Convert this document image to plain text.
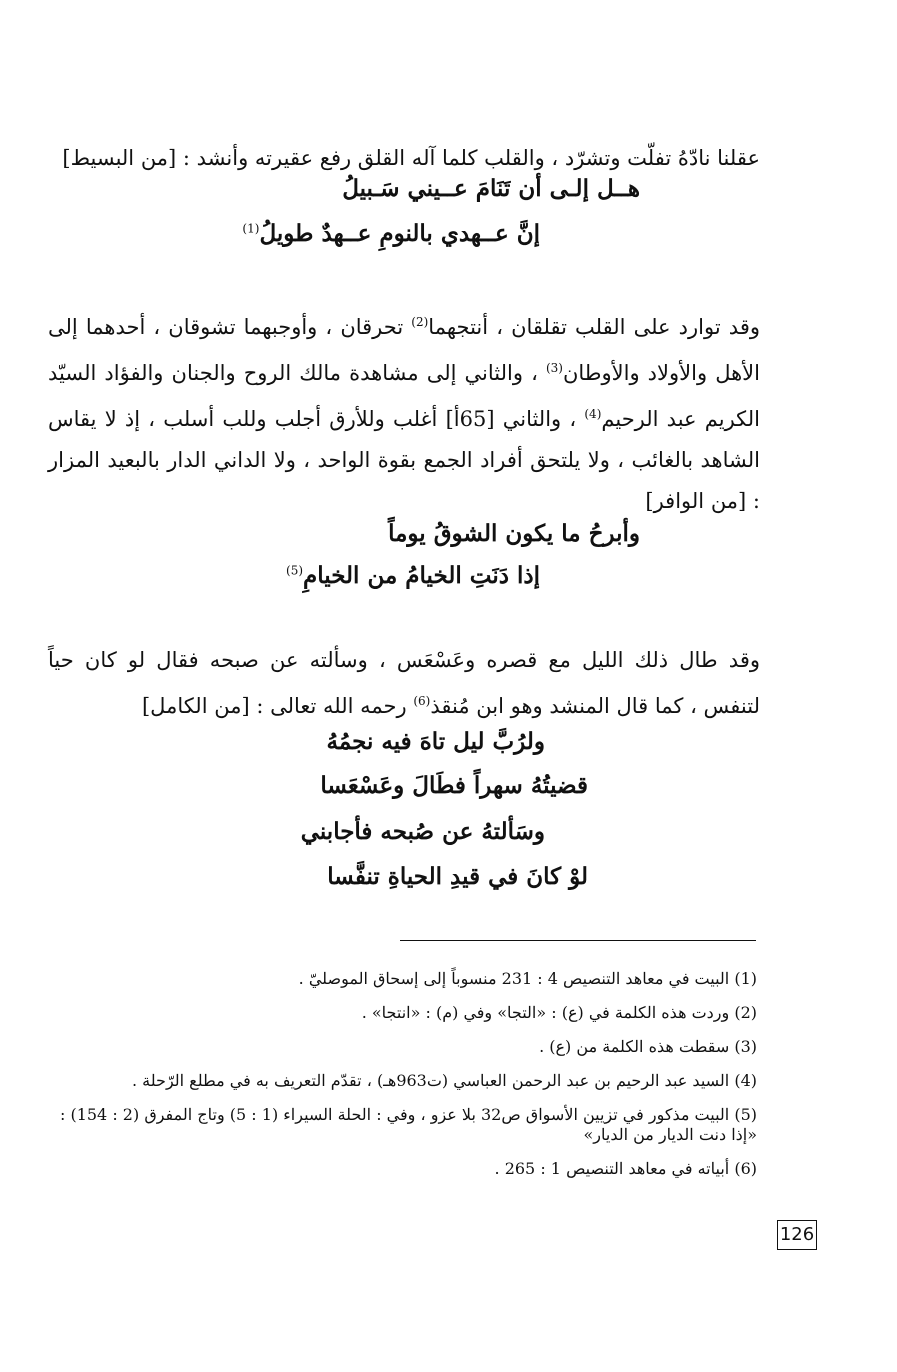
عقلنا نادّهُ تفلّت وتشرّد ، والقلب كلما آله القلق رفع عقيرته وأنشد : [من البسيط]

هــل إلـى أن تَنَامَ عــيني سَـبيلُ
إنَّ عــهدي بالنومِ عــهدٌ طويلُ$^{(1)}$

وقد توارد على القلب تقلقان ، أنتجهما$^{(2)}$ تحرقان ، وأوجبهما تشوقان ، أحدهما إلى الأهل والأولاد والأوطان$^{(3)}$ ، والثاني إلى مشاهدة مالك الروح والجنان والفؤاد السيّد الكريم عبد الرحيم$^{(4)}$ ، والثاني [65أ] أغلب وللأرق أجلب وللب أسلب ، إذ لا يقاس الشاهد بالغائب ، ولا يلتحق أفراد الجمع بقوة الواحد ، ولا الداني الدار بالبعيد المزار : [من الوافر]

وأبرحُ ما يكون الشوقُ يوماً
إذا دَنَتِ الخيامُ من الخيامِ$^{(5)}$

وقد طال ذلك الليل مع قصره وعَسْعَس ، وسألته عن صبحه فقال لو كان حياً لتنفس ، كما قال المنشد وهو ابن مُنقذ$^{(6)}$ رحمه الله تعالى : [من الكامل]

ولرُبَّ ليل تاهَ فيه نجمُهُ
قضيتُهُ سهراً فطَالَ وعَسْعَسا
وسَألتهُ عن صُبحه فأجابني
لوْ كانَ في قيدِ الحياةِ تنفَّسا

(1) البيت في معاهد التنصيص 4 : 231 منسوباً إلى إسحاق الموصليّ .

(2) وردت هذه الكلمة في (ع) : «التجا» وفي (م) : «انتجا» .

(3) سقطت هذه الكلمة من (ع) .

(4) السيد عبد الرحيم بن عبد الرحمن العباسي (ت963هـ) ، تقدّم التعريف به في مطلع الرّحلة .

(5) البيت مذكور في تزيين الأسواق ص32 بلا عزو ، وفي : الحلة السيراء (1 : 5) وتاج المفرق (2 : 154) : «إذا دنت الديار من الديار»

(6) أبياته في معاهد التنصيص 1 : 265 .

126
